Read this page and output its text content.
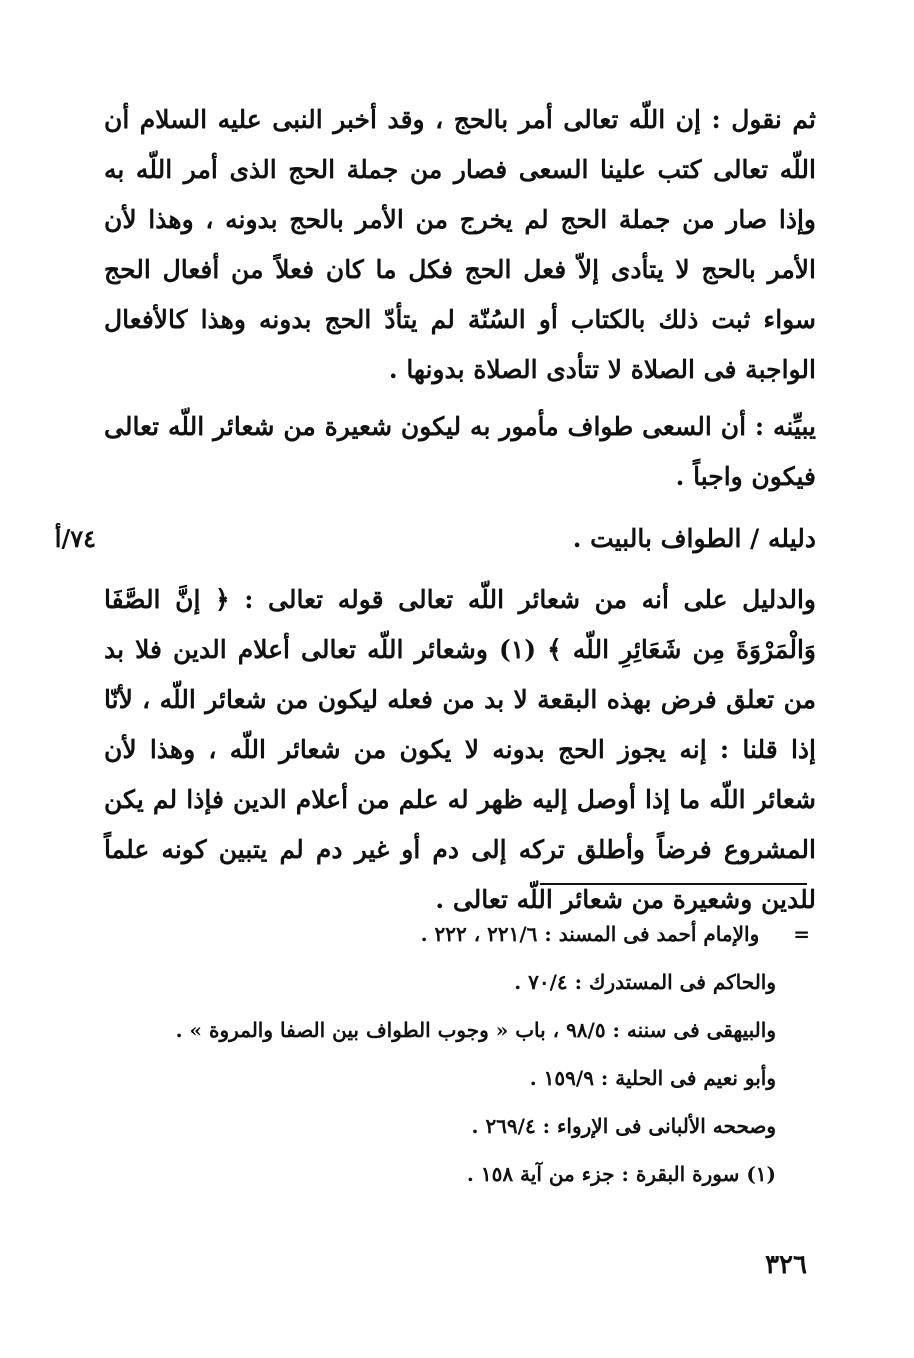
ثم نقول : إن اللّه تعالى أمر بالحج ، وقد أخبر النبى عليه السلام أن اللّه تعالى كتب علينا السعى فصار من جملة الحج الذى أمر اللّه به وإذا صار من جملة الحج لم يخرج من الأمر بالحج بدونه ، وهذا لأن الأمر بالحج لا يتأدى إلاّ فعل الحج فكل ما كان فعلاً من أفعال الحج سواء ثبت ذلك بالكتاب أو السُنّة لم يتأدّ الحج بدونه وهذا كالأفعال الواجبة فى الصلاة لا تتأدى الصلاة بدونها .

يبيِّنه : أن السعى طواف مأمور به ليكون شعيرة من شعائر اللّه تعالى فيكون واجباً .

٧٤/أ	دليله / الطواف بالبيت .

والدليل على أنه من شعائر اللّه تعالى قوله تعالى : ﴿ إنَّ الصَّفَا وَالْمَرْوَةَ مِن شَعَائِرِ اللّه ﴾ (١) وشعائر اللّه تعالى أعلام الدين فلا بد من تعلق فرض بهذه البقعة لا بد من فعله ليكون من شعائر اللّه ، لأنّا إذا قلنا : إنه يجوز الحج بدونه لا يكون من شعائر اللّه ، وهذا لأن شعائر اللّه ما إذا أوصل إليه ظهر له علم من أعلام الدين فإذا لم يكن المشروع فرضاً وأطلق تركه إلى دم أو غير دم لم يتبين كونه علماً للدين وشعيرة من شعائر اللّه تعالى .

=والإمام أحمد فى المسند : ٢٢١/٦ ، ٢٢٢ .
والحاكم فى المستدرك : ٧٠/٤ .
والبيهقى فى سننه : ٩٨/٥ ، باب « وجوب الطواف بين الصفا والمروة » .
وأبو نعيم فى الحلية : ١٥٩/٩ .
وصححه الألبانى فى الإرواء : ٢٦٩/٤ .
(١) سورة البقرة : جزء من آية ١٥٨ .
٣٢٦
